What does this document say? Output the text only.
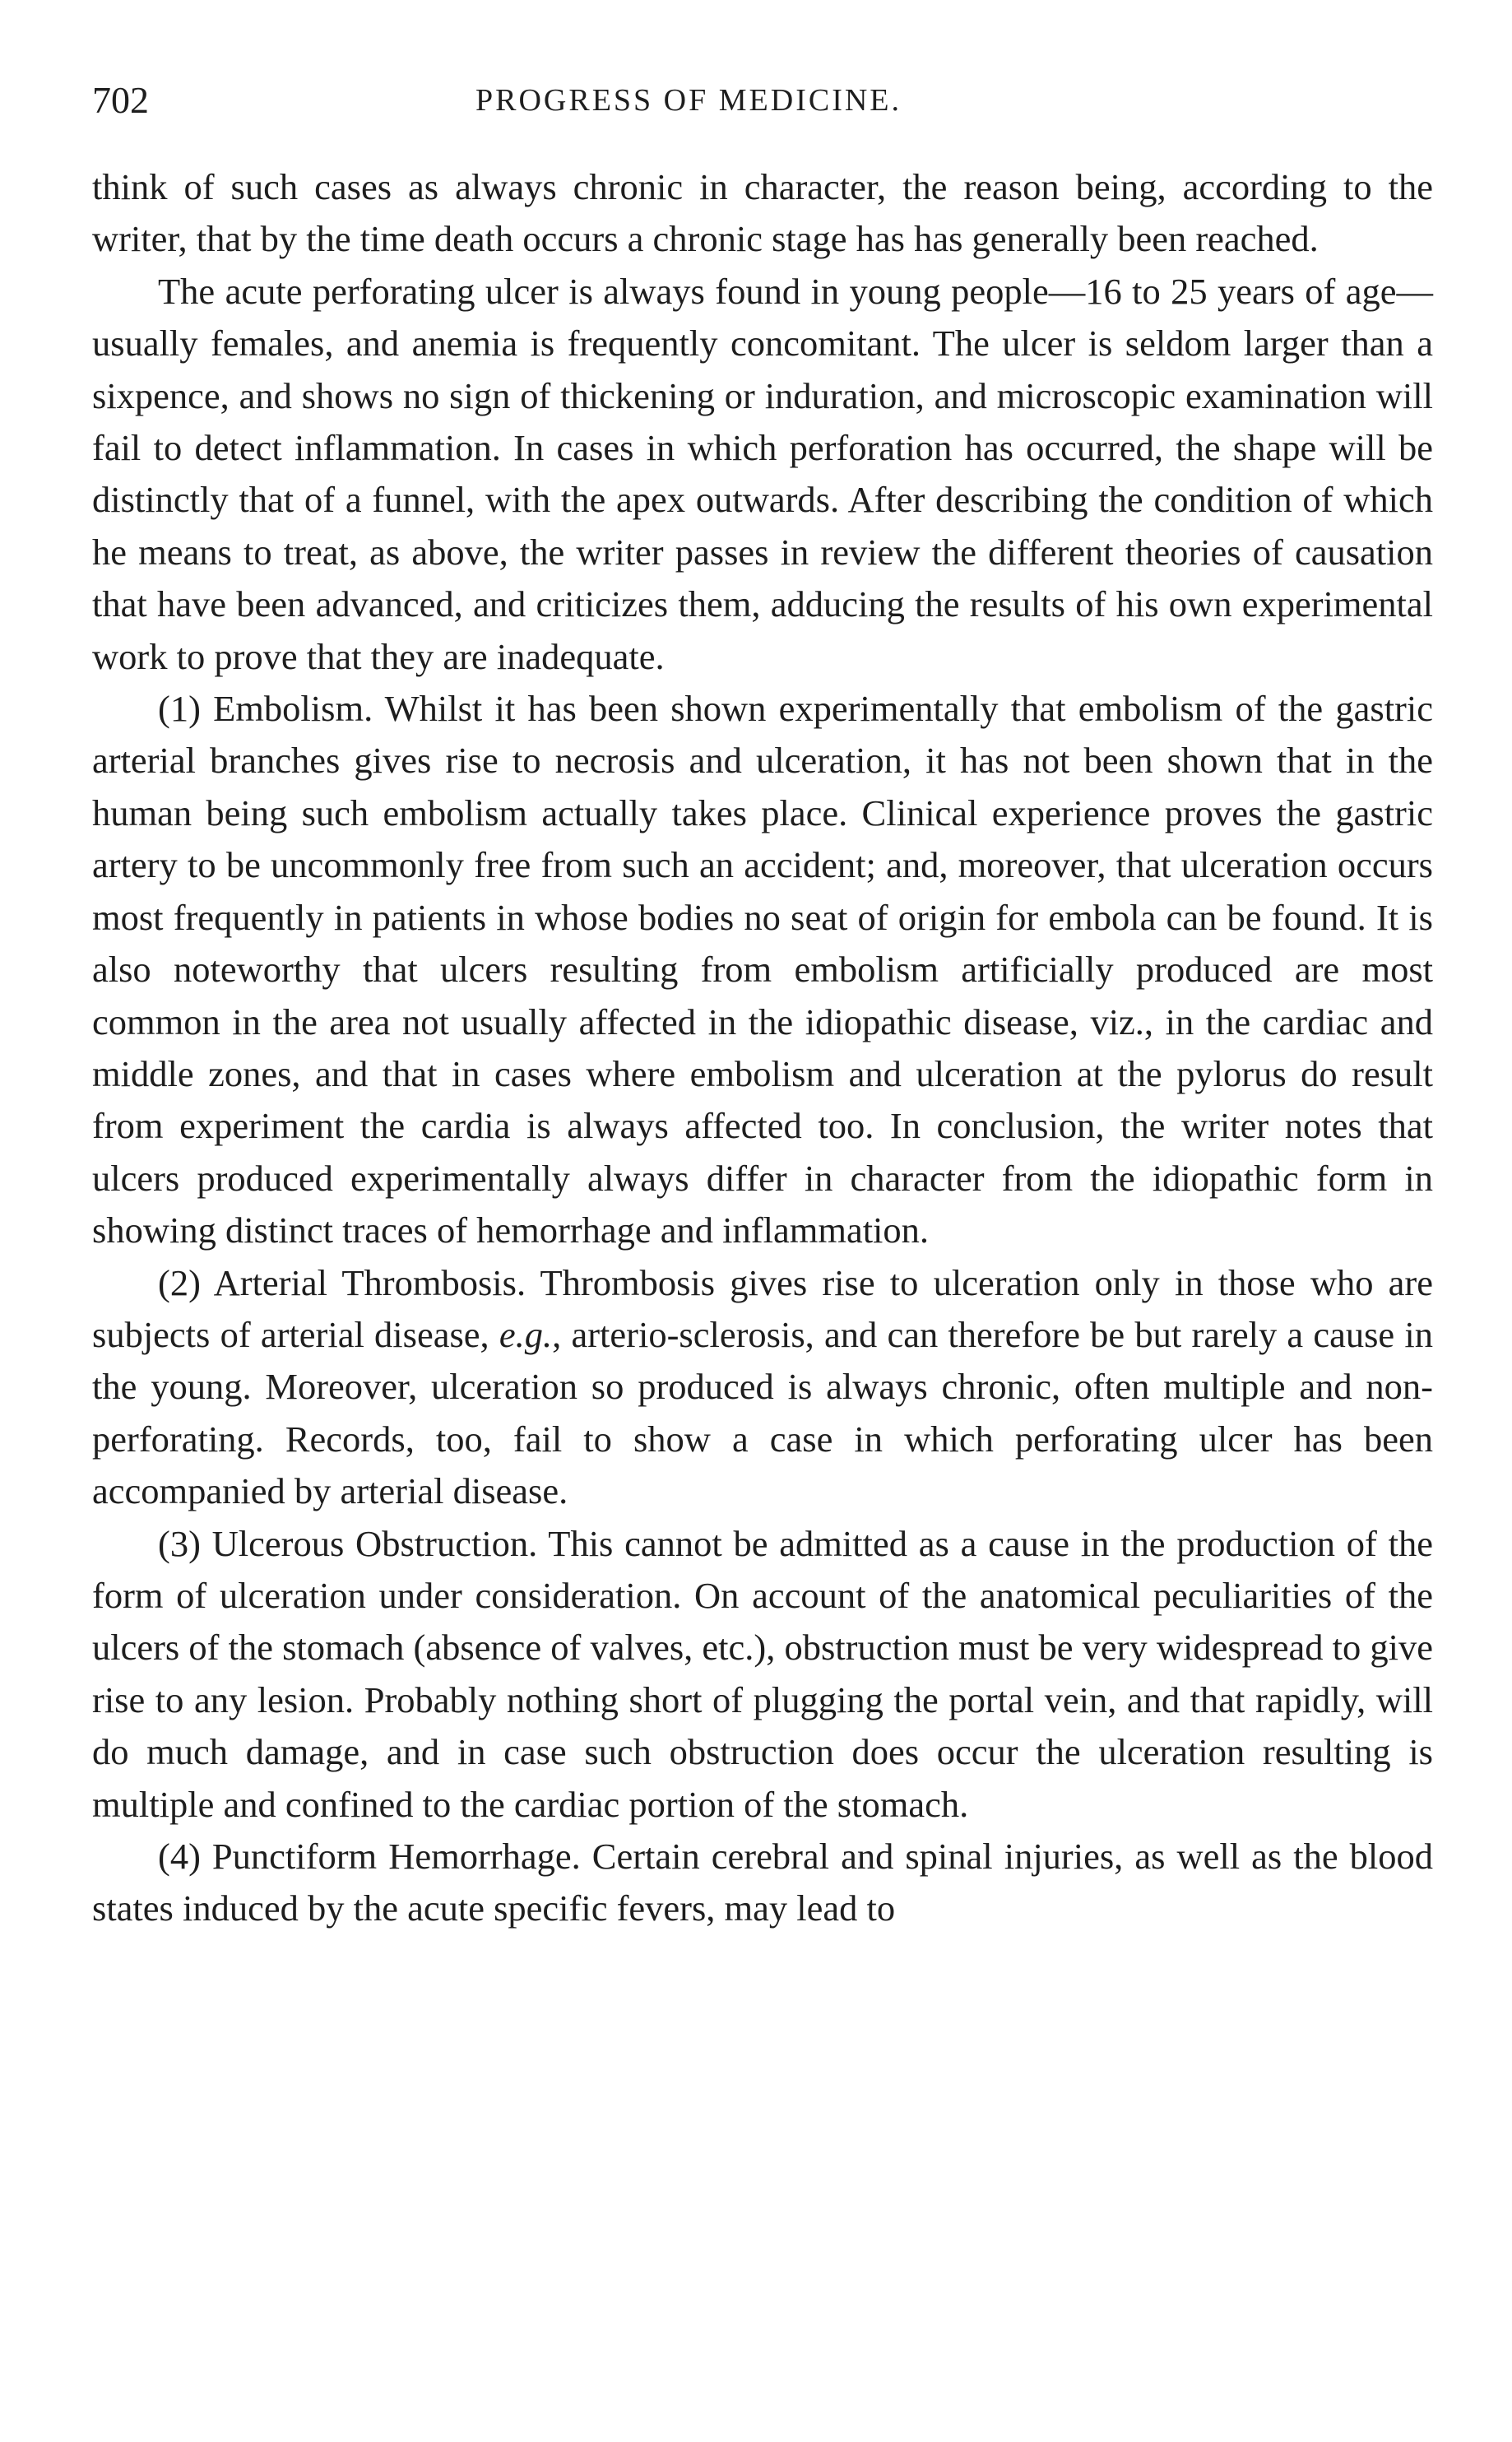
702	PROGRESS OF MEDICINE.

think of such cases as always chronic in character, the reason being, according to the writer, that by the time death occurs a chronic stage has has generally been reached.

The acute perforating ulcer is always found in young people—16 to 25 years of age—usually females, and anemia is frequently concomitant. The ulcer is seldom larger than a sixpence, and shows no sign of thickening or induration, and microscopic examination will fail to detect inflammation. In cases in which perforation has occurred, the shape will be distinctly that of a funnel, with the apex outwards. After describing the condition of which he means to treat, as above, the writer passes in review the different theories of causation that have been advanced, and criticizes them, adducing the results of his own experimental work to prove that they are inadequate.

(1) Embolism. Whilst it has been shown experimentally that embolism of the gastric arterial branches gives rise to necrosis and ulceration, it has not been shown that in the human being such embolism actually takes place. Clinical experience proves the gastric artery to be uncommonly free from such an accident; and, moreover, that ulceration occurs most frequently in patients in whose bodies no seat of origin for embola can be found. It is also noteworthy that ulcers resulting from embolism artificially produced are most common in the area not usually affected in the idiopathic disease, viz., in the cardiac and middle zones, and that in cases where embolism and ulceration at the pylorus do result from experiment the cardia is always affected too. In conclusion, the writer notes that ulcers produced experimentally always differ in character from the idiopathic form in showing distinct traces of hemorrhage and inflammation.

(2) Arterial Thrombosis. Thrombosis gives rise to ulceration only in those who are subjects of arterial disease, e.g., arterio-sclerosis, and can therefore be but rarely a cause in the young. Moreover, ulceration so produced is always chronic, often multiple and non-perforating. Records, too, fail to show a case in which perforating ulcer has been accompanied by arterial disease.

(3) Ulcerous Obstruction. This cannot be admitted as a cause in the production of the form of ulceration under consideration. On account of the anatomical peculiarities of the ulcers of the stomach (absence of valves, etc.), obstruction must be very widespread to give rise to any lesion. Probably nothing short of plugging the portal vein, and that rapidly, will do much damage, and in case such obstruction does occur the ulceration resulting is multiple and confined to the cardiac portion of the stomach.

(4) Punctiform Hemorrhage. Certain cerebral and spinal injuries, as well as the blood states induced by the acute specific fevers, may lead to
